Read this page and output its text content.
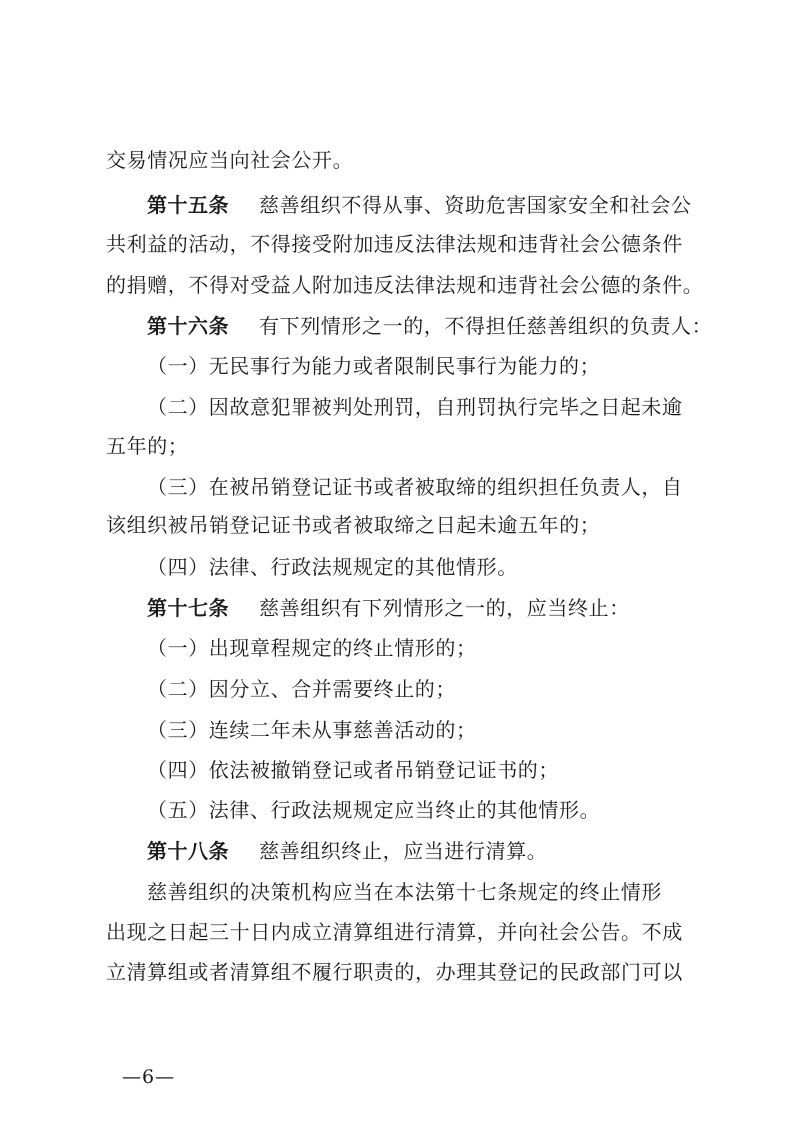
交易情况应当向社会公开。
第十五条 慈善组织不得从事、资助危害国家安全和社会公
共利益的活动，不得接受附加违反法律法规和违背社会公德条件
的捐赠，不得对受益人附加违反法律法规和违背社会公德的条件。
第十六条 有下列情形之一的，不得担任慈善组织的负责人：
（一）无民事行为能力或者限制民事行为能力的；
（二）因故意犯罪被判处刑罚，自刑罚执行完毕之日起未逾
五年的；
（三）在被吊销登记证书或者被取缔的组织担任负责人，自
该组织被吊销登记证书或者被取缔之日起未逾五年的；
（四）法律、行政法规规定的其他情形。
第十七条 慈善组织有下列情形之一的，应当终止：
（一）出现章程规定的终止情形的；
（二）因分立、合并需要终止的；
（三）连续二年未从事慈善活动的；
（四）依法被撤销登记或者吊销登记证书的；
（五）法律、行政法规规定应当终止的其他情形。
第十八条 慈善组织终止，应当进行清算。
慈善组织的决策机构应当在本法第十七条规定的终止情形
出现之日起三十日内成立清算组进行清算，并向社会公告。不成
立清算组或者清算组不履行职责的，办理其登记的民政部门可以
—6—
